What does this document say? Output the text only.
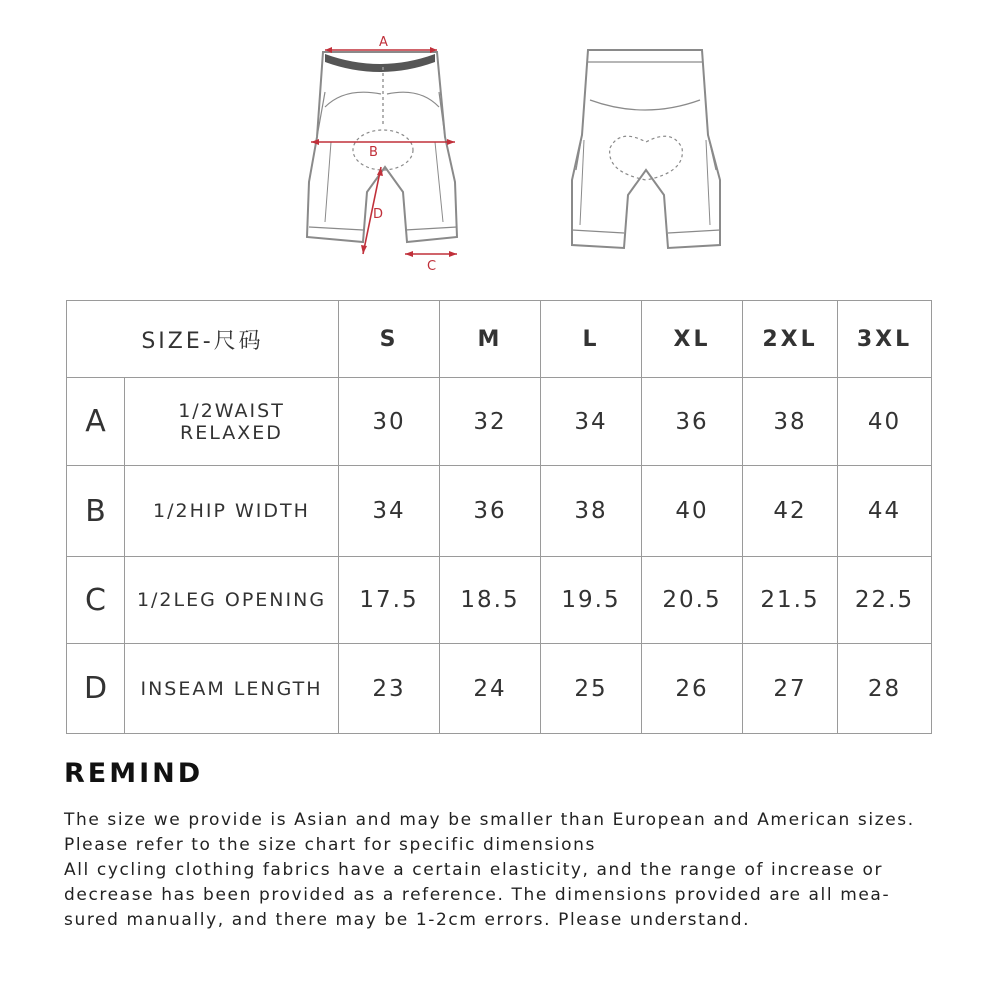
A
B
D
C
SIZE-尺码		S	M	L	XL	2XL	3XL
A	1/2WAIST RELAXED	30	32	34	36	38	40
B	1/2HIP WIDTH	34	36	38	40	42	44
C	1/2LEG OPENING	17.5	18.5	19.5	20.5	21.5	22.5
D	INSEAM LENGTH	23	24	25	26	27	28
REMIND
The size we provide is Asian and may be smaller than European and American sizes.
Please refer to the size chart for specific dimensions
All cycling clothing fabrics have a certain elasticity, and the range of increase or
decrease has been provided as a reference. The dimensions provided are all mea-
sured manually, and there may be 1-2cm errors. Please understand.
